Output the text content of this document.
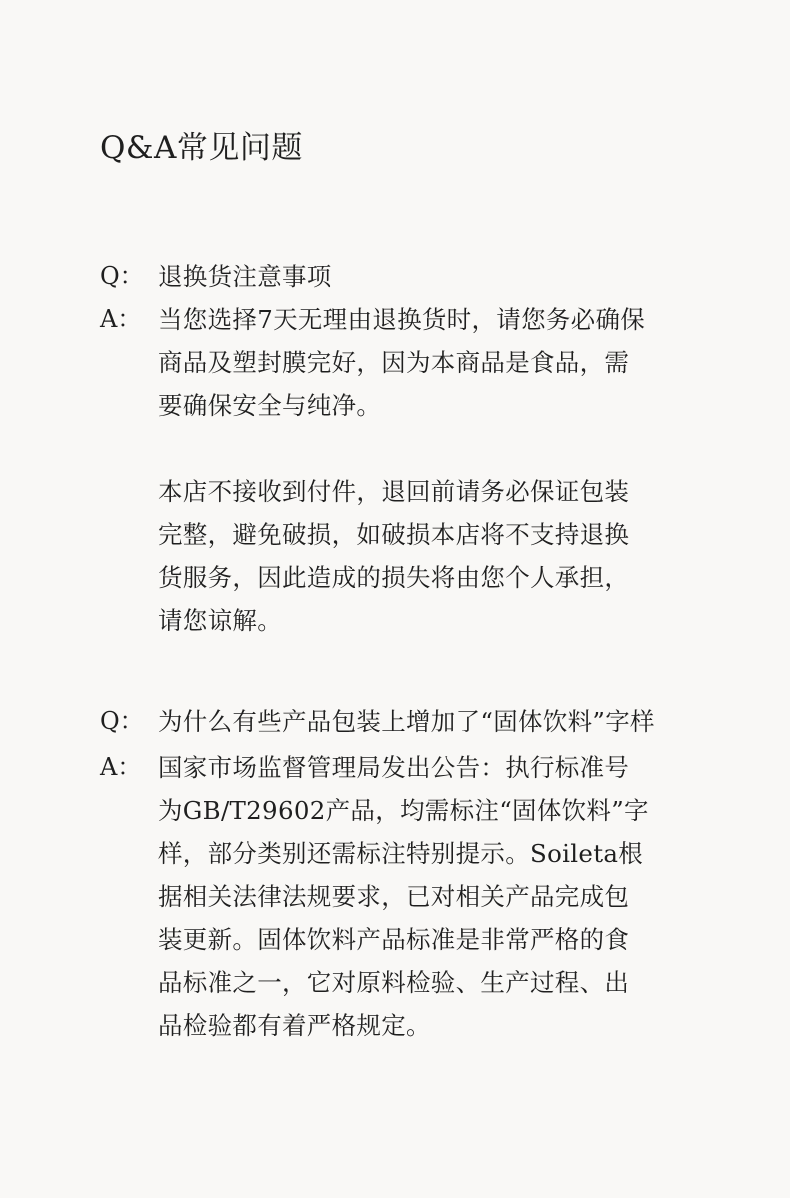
Q&A常见问题
Q： 退换货注意事项
A： 当您选择7天无理由退换货时，请您务必确保
商品及塑封膜完好，因为本商品是食品，需
要确保安全与纯净。
本店不接收到付件，退回前请务必保证包装
完整，避免破损，如破损本店将不支持退换
货服务，因此造成的损失将由您个人承担，
请您谅解。
Q： 为什么有些产品包装上增加了“固体饮料”字样
A： 国家市场监督管理局发出公告：执行标准号
为GB/T29602产品，均需标注“固体饮料”字
样，部分类别还需标注特别提示。Soileta根
据相关法律法规要求，已对相关产品完成包
装更新。固体饮料产品标准是非常严格的食
品标准之一，它对原料检验、生产过程、出
品检验都有着严格规定。
